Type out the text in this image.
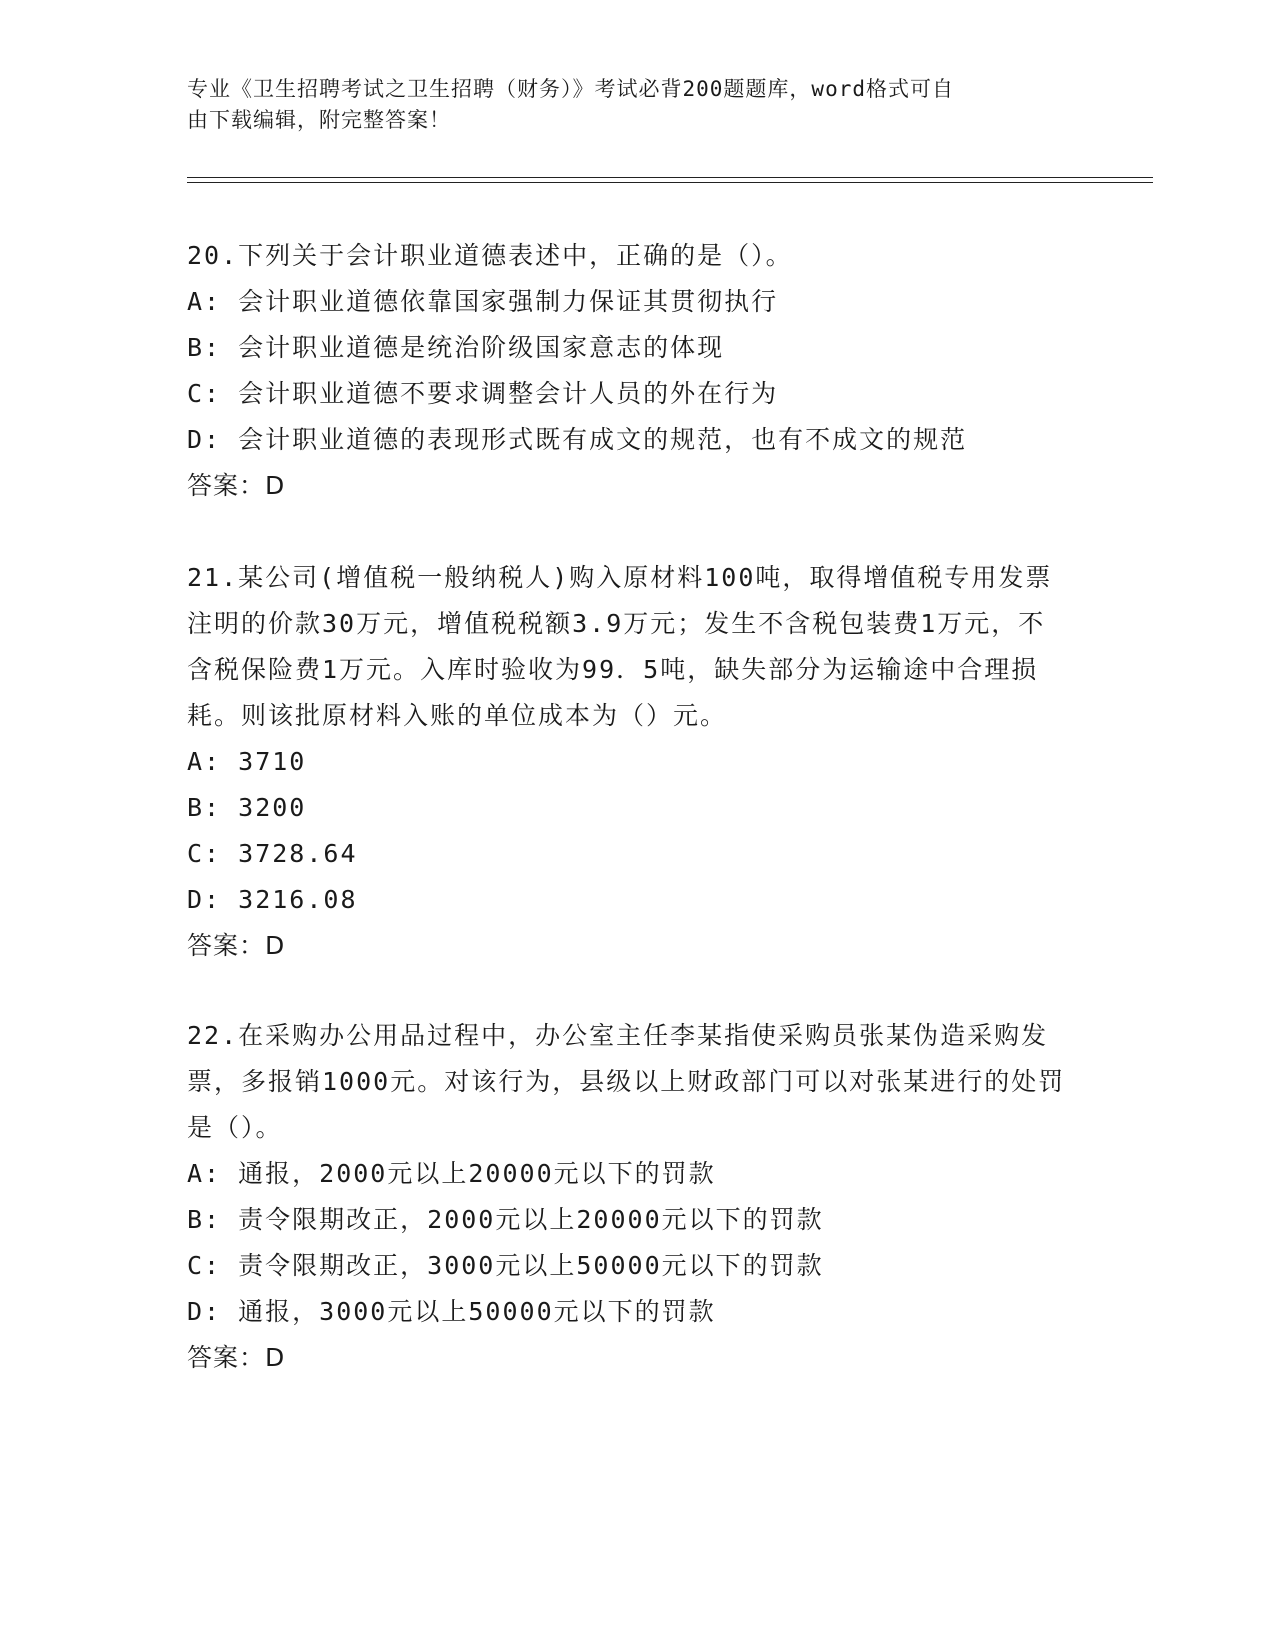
专业《卫生招聘考试之卫生招聘（财务）》考试必背200题题库，word格式可自
由下载编辑，附完整答案！

20.下列关于会计职业道德表述中，正确的是（）。

A: 会计职业道德依靠国家强制力保证其贯彻执行

B: 会计职业道德是统治阶级国家意志的体现

C: 会计职业道德不要求调整会计人员的外在行为

D: 会计职业道德的表现形式既有成文的规范，也有不成文的规范

答案：D

21.某公司(增值税一般纳税人)购入原材料100吨，取得增值税专用发票注明的价款30万元，增值税税额3.9万元；发生不含税包装费1万元，不含税保险费1万元。入库时验收为99．5吨，缺失部分为运输途中合理损耗。则该批原材料入账的单位成本为（）元。

A: 3710

B: 3200

C: 3728.64

D: 3216.08

答案：D

22.在采购办公用品过程中，办公室主任李某指使采购员张某伪造采购发票，多报销1000元。对该行为，县级以上财政部门可以对张某进行的处罚是（）。

A: 通报，2000元以上20000元以下的罚款

B: 责令限期改正，2000元以上20000元以下的罚款

C: 责令限期改正，3000元以上50000元以下的罚款

D: 通报，3000元以上50000元以下的罚款

答案：D
